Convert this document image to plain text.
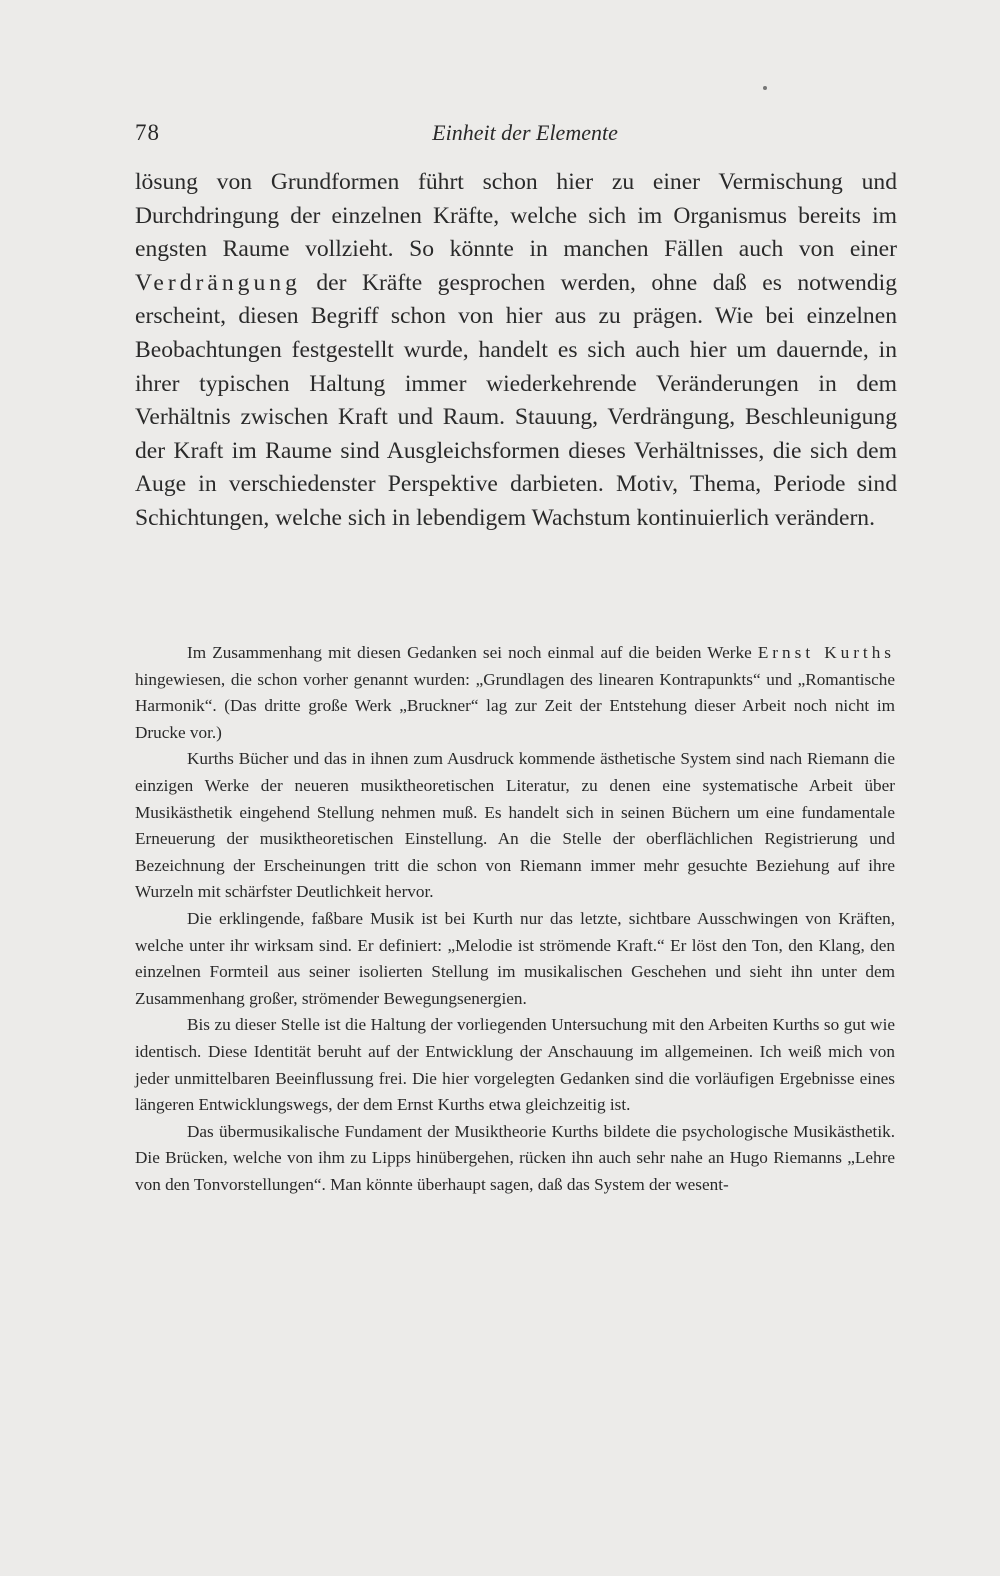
78	Einheit der Elemente

lösung von Grundformen führt schon hier zu einer Vermischung und Durchdringung der einzelnen Kräfte, welche sich im Organismus bereits im engsten Raume vollzieht. So könnte in manchen Fällen auch von einer Verdrängung der Kräfte gesprochen werden, ohne daß es notwendig erscheint, diesen Begriff schon von hier aus zu prägen. Wie bei einzelnen Beobachtungen festgestellt wurde, handelt es sich auch hier um dauernde, in ihrer typischen Haltung immer wiederkehrende Veränderungen in dem Verhältnis zwischen Kraft und Raum. Stauung, Verdrängung, Beschleunigung der Kraft im Raume sind Ausgleichsformen dieses Verhältnisses, die sich dem Auge in verschiedenster Perspektive darbieten. Motiv, Thema, Periode sind Schichtungen, welche sich in lebendigem Wachstum kontinuierlich verändern.

Im Zusammenhang mit diesen Gedanken sei noch einmal auf die beiden Werke Ernst Kurths hingewiesen, die schon vorher genannt wurden: „Grundlagen des linearen Kontrapunkts“ und „Romantische Harmonik“. (Das dritte große Werk „Bruckner“ lag zur Zeit der Entstehung dieser Arbeit noch nicht im Drucke vor.)

Kurths Bücher und das in ihnen zum Ausdruck kommende ästhetische System sind nach Riemann die einzigen Werke der neueren musiktheoretischen Literatur, zu denen eine systematische Arbeit über Musikästhetik eingehend Stellung nehmen muß. Es handelt sich in seinen Büchern um eine fundamentale Erneuerung der musiktheoretischen Einstellung. An die Stelle der oberflächlichen Registrierung und Bezeichnung der Erscheinungen tritt die schon von Riemann immer mehr gesuchte Beziehung auf ihre Wurzeln mit schärfster Deutlichkeit hervor.

Die erklingende, faßbare Musik ist bei Kurth nur das letzte, sichtbare Ausschwingen von Kräften, welche unter ihr wirksam sind. Er definiert: „Melodie ist strömende Kraft.“ Er löst den Ton, den Klang, den einzelnen Formteil aus seiner isolierten Stellung im musikalischen Geschehen und sieht ihn unter dem Zusammenhang großer, strömender Bewegungsenergien.

Bis zu dieser Stelle ist die Haltung der vorliegenden Untersuchung mit den Arbeiten Kurths so gut wie identisch. Diese Identität beruht auf der Entwicklung der Anschauung im allgemeinen. Ich weiß mich von jeder unmittelbaren Beeinflussung frei. Die hier vorgelegten Gedanken sind die vorläufigen Ergebnisse eines längeren Entwicklungswegs, der dem Ernst Kurths etwa gleichzeitig ist.

Das übermusikalische Fundament der Musiktheorie Kurths bildete die psychologische Musikästhetik. Die Brücken, welche von ihm zu Lipps hinübergehen, rücken ihn auch sehr nahe an Hugo Riemanns „Lehre von den Tonvorstellungen“. Man könnte überhaupt sagen, daß das System der wesent-
